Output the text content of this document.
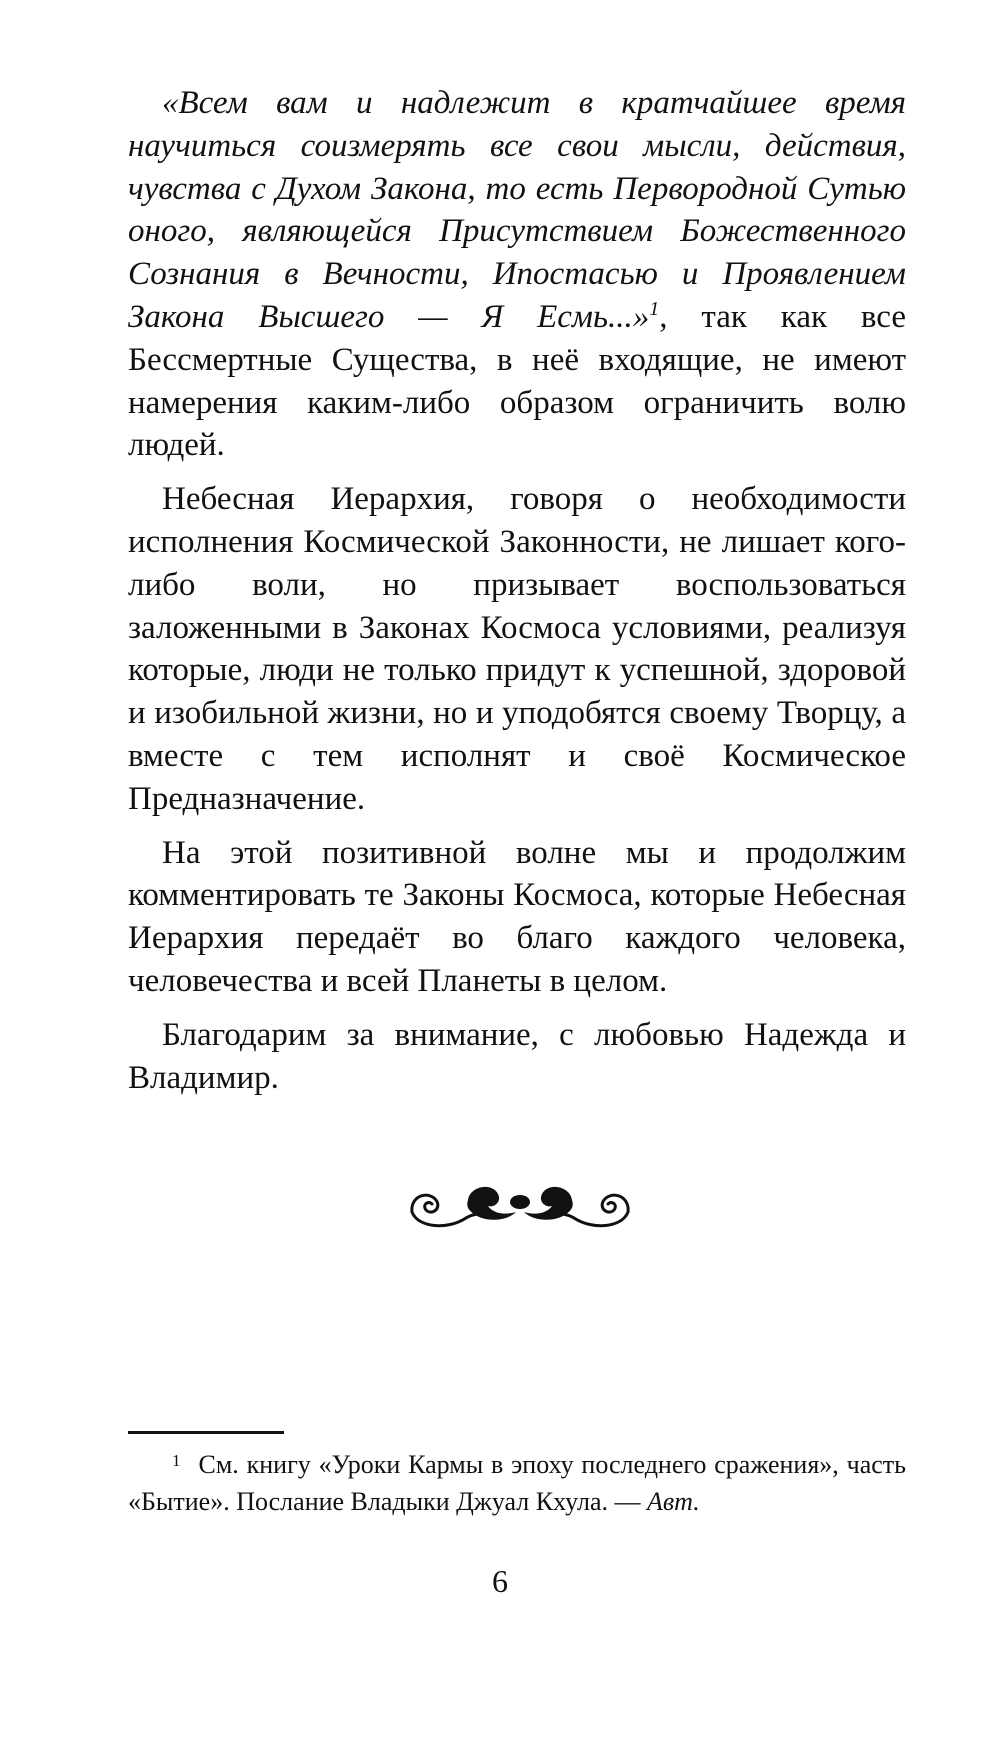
«Всем вам и надлежит в кратчайшее время научиться соизмерять все свои мысли, действия, чувства с Духом Закона, то есть Первородной Сутью оного, являющейся Присутствием Божественного Сознания в Вечности, Ипостасью и Проявлением Закона Высшего — Я Есмь...»$^1$, так как все Бессмертные Существа, в неё входящие, не имеют намерения каким-либо образом ограничить волю людей.

Небесная Иерархия, говоря о необходимости исполнения Космической Законности, не лишает кого-либо воли, но призывает воспользоваться заложенными в Законах Космоса условиями, реализуя которые, люди не только придут к успешной, здоровой и изобильной жизни, но и уподобятся своему Творцу, а вместе с тем исполнят и своё Космическое Предназначение.

На этой позитивной волне мы и продолжим комментировать те Законы Космоса, которые Небесная Иерархия передаёт во благо каждого человека, человечества и всей Планеты в целом.

Благодарим за внимание, с любовью Надежда и Владимир.

$^1$ См. книгу «Уроки Кармы в эпоху последнего сражения», часть «Бытие». Послание Владыки Джуал Кхула. — Авт.

6
